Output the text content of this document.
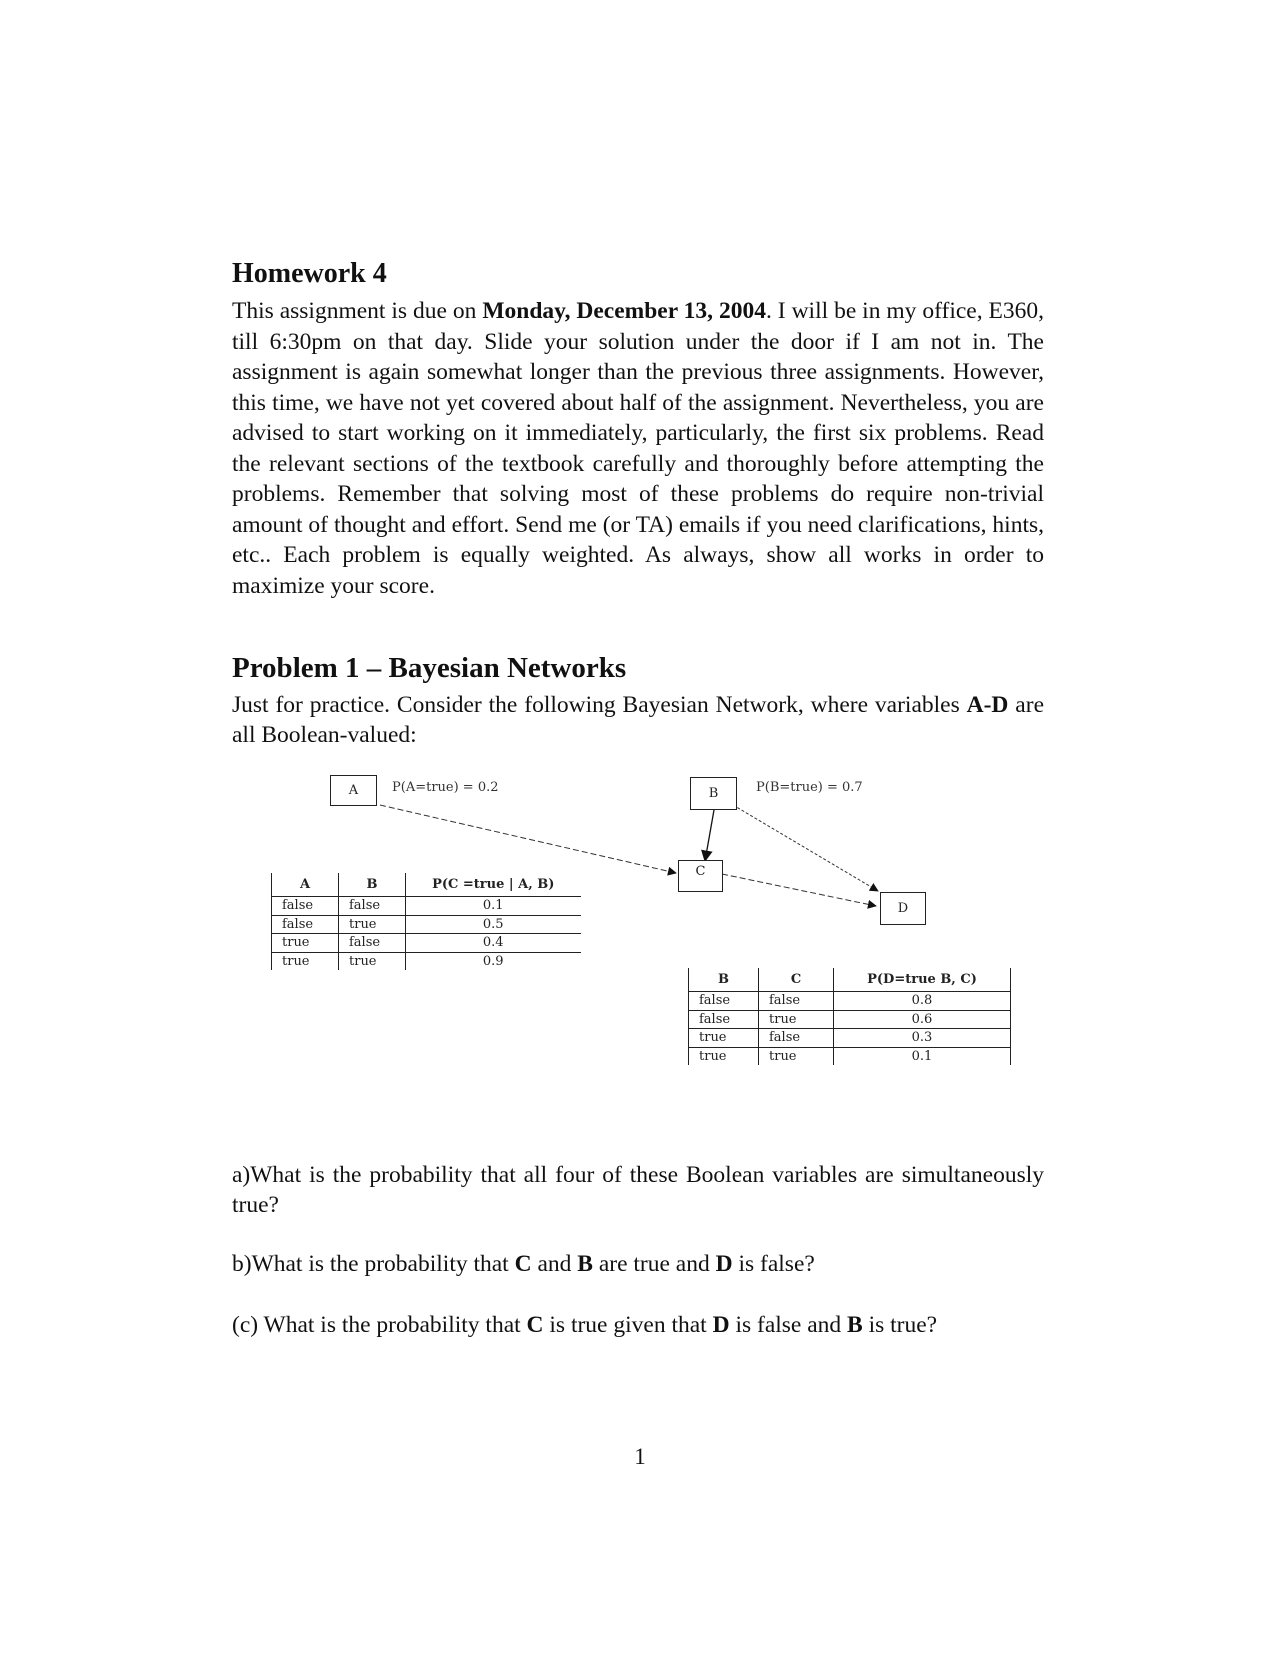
Homework 4

This assignment is due on Monday, December 13, 2004. I will be in my office, E360, till 6:30pm on that day. Slide your solution under the door if I am not in. The assignment is again somewhat longer than the previous three assignments. However, this time, we have not yet covered about half of the assignment. Nevertheless, you are advised to start working on it immediately, particularly, the first six problems. Read the relevant sections of the textbook carefully and thoroughly before attempting the problems. Remember that solving most of these problems do require non-trivial amount of thought and effort. Send me (or TA) emails if you need clarifications, hints, etc.. Each problem is equally weighted. As always, show all works in order to maximize your score.

Problem 1 – Bayesian Networks

Just for practice. Consider the following Bayesian Network, where variables A-D are all Boolean-valued:

A	B
C
D
P(A=true) = 0.2	P(B=true) = 0.7
A	B	P(C =true | A, B)
false	false	0.1
false	true	0.5
true	false	0.4
true	true	0.9
B	C	P(D=true B, C)
false	false	0.8
false	true	0.6
true	false	0.3
true	true	0.1

a)What is the probability that all four of these Boolean variables are simultaneously true?

b)What is the probability that C and B are true and D is false?

(c) What is the probability that C is true given that D is false and B is true?

1
